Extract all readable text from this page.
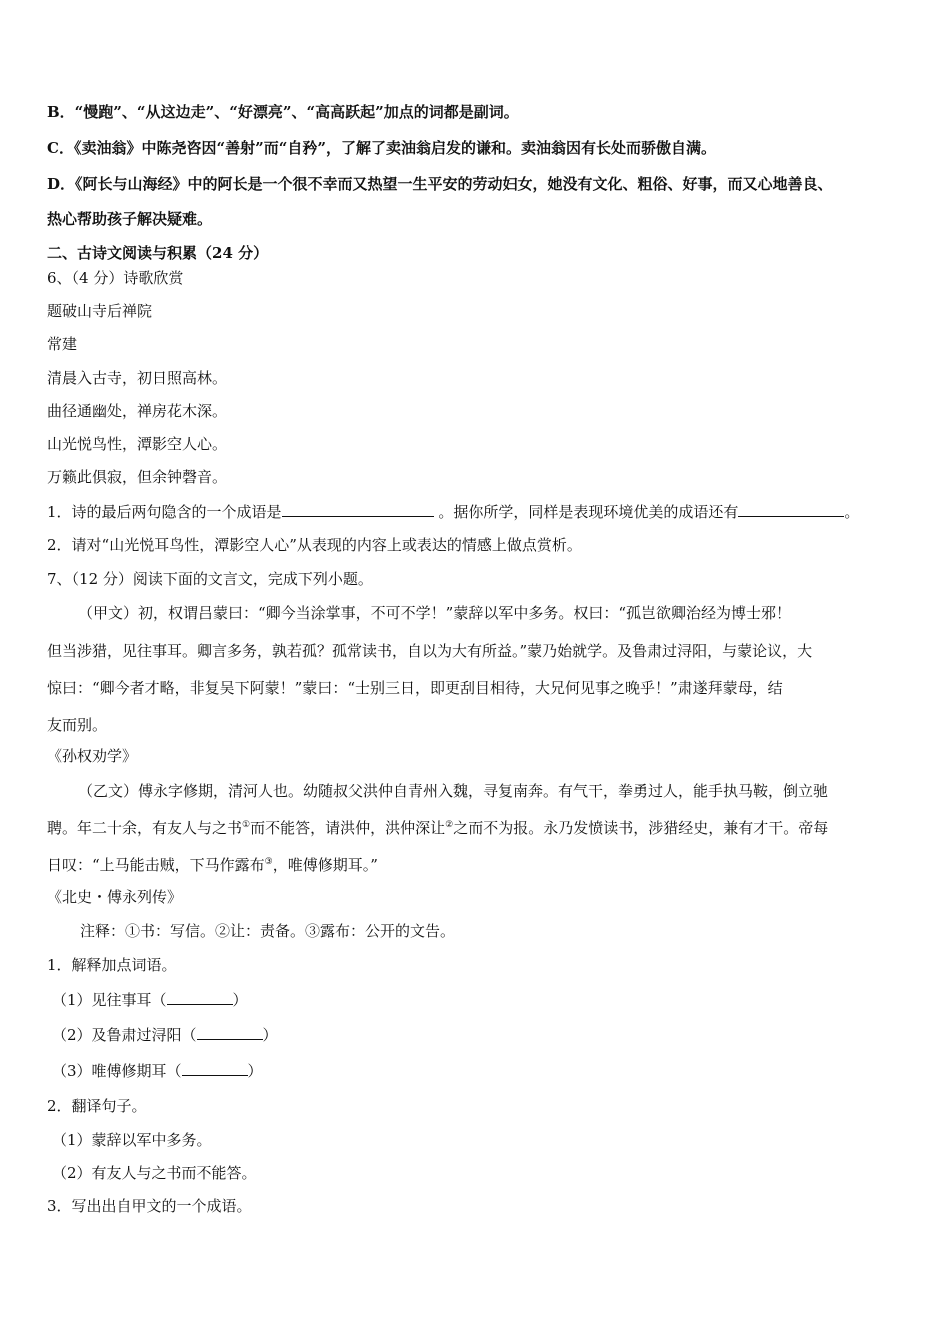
B．“慢跑”、“从这边走”、“好漂亮”、“高高跃起”加点的词都是副词。
C．《卖油翁》中陈尧咨因“善射”而“自矜”，了解了卖油翁启发的谦和。卖油翁因有长处而骄傲自满。
D．《阿长与山海经》中的阿长是一个很不幸而又热望一生平安的劳动妇女，她没有文化、粗俗、好事，而又心地善良、
热心帮助孩子解决疑难。
二、古诗文阅读与积累（24 分）
6、（4 分）诗歌欣赏
题破山寺后禅院
常建
清晨入古寺，初日照高林。
曲径通幽处，禅房花木深。
山光悦鸟性，潭影空人心。
万籁此俱寂，但余钟磬音。
1．诗的最后两句隐含的一个成语是	。据你所学，同样是表现环境优美的成语还有	。
2．请对“山光悦耳鸟性，潭影空人心”从表现的内容上或表达的情感上做点赏析。
7、（12 分）阅读下面的文言文，完成下列小题。
（甲文）初，权谓吕蒙曰：“卿今当涂掌事，不可不学！”蒙辞以军中多务。权曰：“孤岂欲卿治经为博士邪！
但当涉猎，见往事耳。卿言多务，孰若孤？孤常读书，自以为大有所益。”蒙乃始就学。及鲁肃过浔阳，与蒙论议，大
惊曰：“卿今者才略，非复吴下阿蒙！”蒙曰：“士别三日，即更刮目相待，大兄何见事之晚乎！”肃遂拜蒙母，结
友而别。
《孙权劝学》
（乙文）傅永字修期，清河人也。幼随叔父洪仲自青州入魏，寻复南奔。有气干，拳勇过人，能手执马鞍，倒立驰
聘。年二十余，有友人与之书①而不能答，请洪仲，洪仲深让②之而不为报。永乃发愤读书，涉猎经史，兼有才干。帝每
日叹：“上马能击贼，下马作露布③，唯傅修期耳。”
《北史・傅永列传》
注释：①书：写信。②让：责备。③露布：公开的文告。
1．解释加点词语。
（1）见往事耳（	）
（2）及鲁肃过浔阳（	）
（3）唯傅修期耳（	）
2．翻译句子。
（1）蒙辞以军中多务。
（2）有友人与之书而不能答。
3．写出出自甲文的一个成语。
